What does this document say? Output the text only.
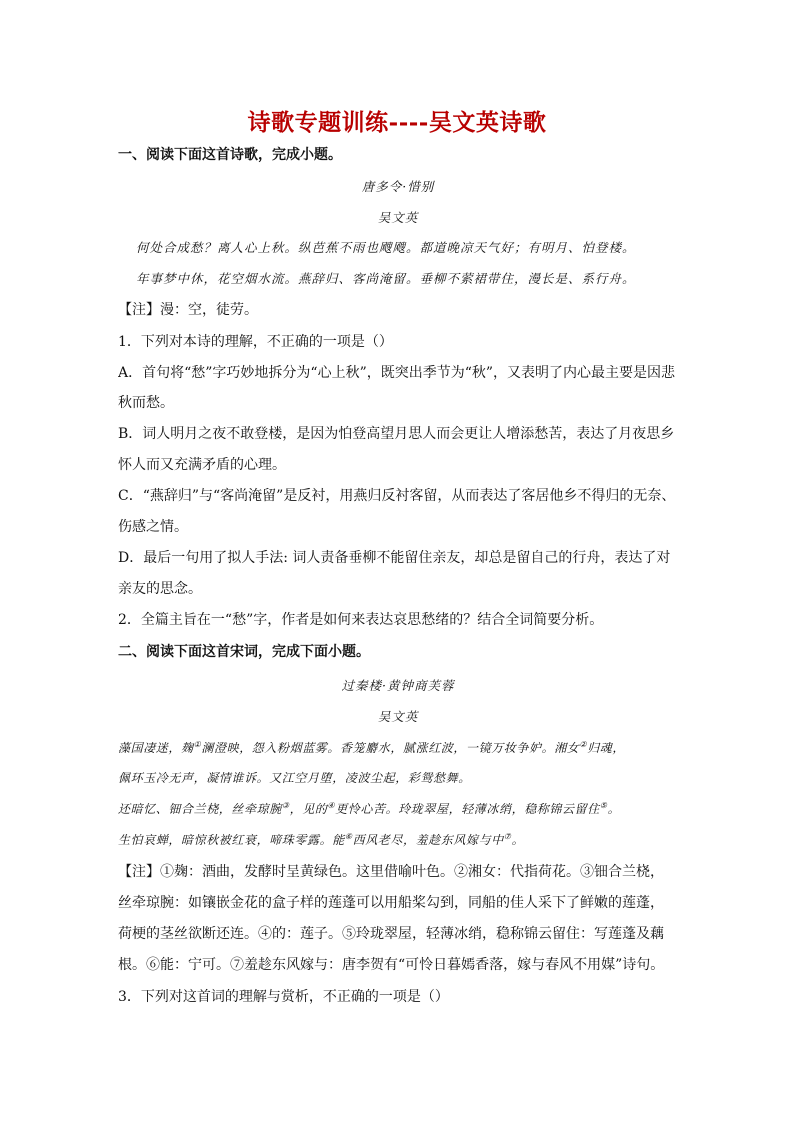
诗歌专题训练----吴文英诗歌
一、阅读下面这首诗歌，完成小题。
唐多令·惜别
吴文英
何处合成愁？离人心上秋。纵芭蕉不雨也飕飕。都道晚凉天气好；有明月、怕登楼。
年事梦中休，花空烟水流。燕辞归、客尚淹留。垂柳不萦裙带住，漫长是、系行舟。
【注】漫：空，徒劳。
1．下列对本诗的理解，不正确的一项是（）
A．首句将“愁”字巧妙地拆分为“心上秋”，既突出季节为“秋”，又表明了内心最主要是因悲
秋而愁。
B．词人明月之夜不敢登楼，是因为怕登高望月思人而会更让人增添愁苦，表达了月夜思乡
怀人而又充满矛盾的心理。
C．“燕辞归”与“客尚淹留”是反衬，用燕归反衬客留，从而表达了客居他乡不得归的无奈、
伤感之情。
D．最后一句用了拟人手法: 词人责备垂柳不能留住亲友，却总是留自己的行舟，表达了对
亲友的思念。
2．全篇主旨在一“愁”字，作者是如何来表达哀思愁绪的？结合全词简要分析。
二、阅读下面这首宋词，完成下面小题。
过秦楼·黄钟商芙蓉
吴文英
藻国凄迷，麹①澜澄映，怨入粉烟蓝雾。香笼麝水，腻涨红波，一镜万妆争妒。湘女②归魂，
佩环玉冷无声，凝情谁诉。又江空月堕，凌波尘起，彩鸳愁舞。
还暗忆、钿合兰桡，丝牵琼腕③，见的④更怜心苦。玲珑翠屋，轻薄冰绡，稳称锦云留住⑤。
生怕哀蝉，暗惊秋被红衰，啼珠零露。能⑥西风老尽，羞趁东风嫁与中⑦。
【注】①麹：酒曲，发酵时呈黄绿色。这里借喻叶色。②湘女：代指荷花。③钿合兰桡，
丝牵琼腕：如镶嵌金花的盒子样的莲蓬可以用船桨勾到，同船的佳人采下了鲜嫩的莲蓬，
荷梗的茎丝欲断还连。④的：莲子。⑤玲珑翠屋，轻薄冰绡，稳称锦云留住：写莲蓬及藕
根。⑥能：宁可。⑦羞趁东风嫁与：唐李贺有“可怜日暮嫣香落，嫁与春风不用媒”诗句。
3．下列对这首词的理解与赏析，不正确的一项是（）
